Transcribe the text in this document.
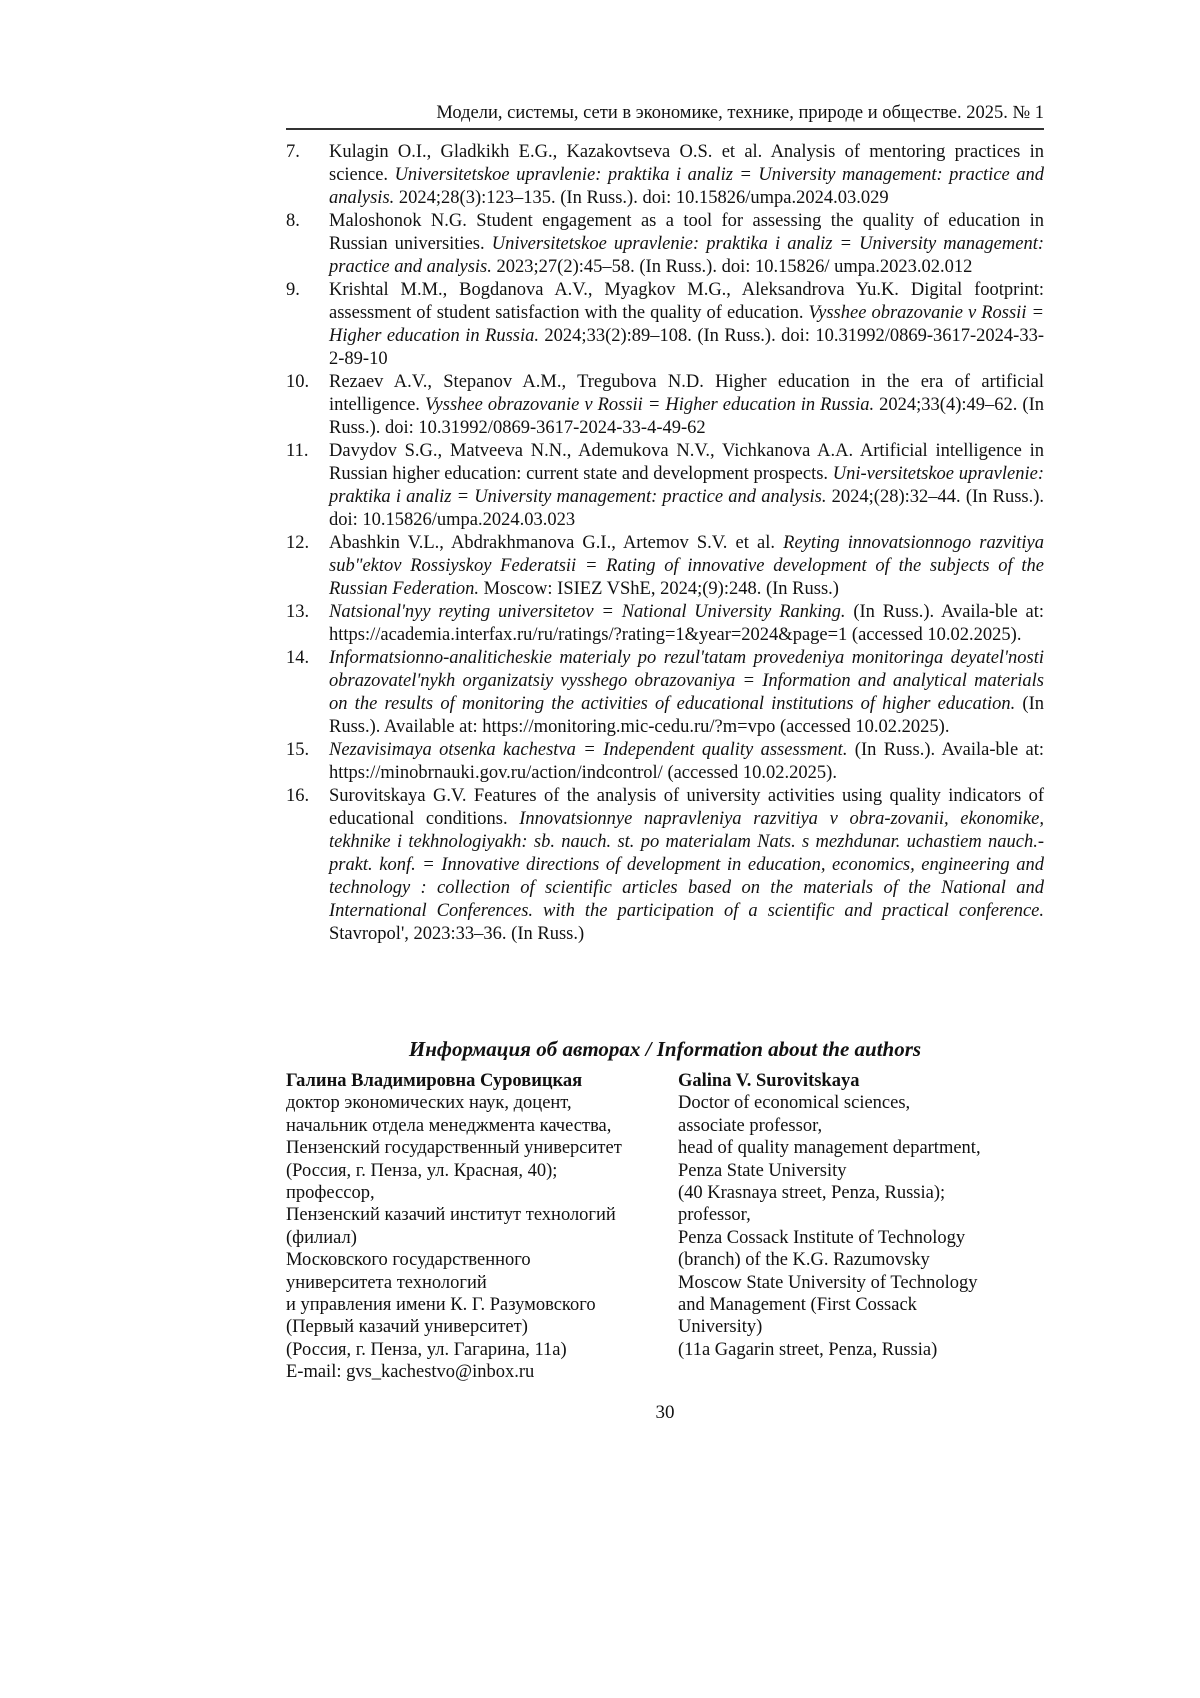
Модели, системы, сети в экономике, технике, природе и обществе. 2025. № 1
7. Kulagin O.I., Gladkikh E.G., Kazakovtseva O.S. et al. Analysis of mentoring practices in science. Universitetskoe upravlenie: praktika i analiz = University management: practice and analysis. 2024;28(3):123–135. (In Russ.). doi: 10.15826/umpa.2024.03.029
8. Maloshonok N.G. Student engagement as a tool for assessing the quality of education in Russian universities. Universitetskoe upravlenie: praktika i analiz = University management: practice and analysis. 2023;27(2):45–58. (In Russ.). doi: 10.15826/ umpa.2023.02.012
9. Krishtal M.M., Bogdanova A.V., Myagkov M.G., Aleksandrova Yu.K. Digital footprint: assessment of student satisfaction with the quality of education. Vysshee obrazovanie v Rossii = Higher education in Russia. 2024;33(2):89–108. (In Russ.). doi: 10.31992/0869-3617-2024-33-2-89-10
10. Rezaev A.V., Stepanov A.M., Tregubova N.D. Higher education in the era of artificial intelligence. Vysshee obrazovanie v Rossii = Higher education in Russia. 2024;33(4):49–62. (In Russ.). doi: 10.31992/0869-3617-2024-33-4-49-62
11. Davydov S.G., Matveeva N.N., Ademukova N.V., Vichkanova A.A. Artificial intelligence in Russian higher education: current state and development prospects. Uni-versitetskoe upravlenie: praktika i analiz = University management: practice and analysis. 2024;(28):32–44. (In Russ.). doi: 10.15826/umpa.2024.03.023
12. Abashkin V.L., Abdrakhmanova G.I., Artemov S.V. et al. Reyting innovatsionnogo razvitiya sub"ektov Rossiyskoy Federatsii = Rating of innovative development of the subjects of the Russian Federation. Moscow: ISIEZ VShE, 2024;(9):248. (In Russ.)
13. Natsional'nyy reyting universitetov = National University Ranking. (In Russ.). Availa-ble at: https://academia.interfax.ru/ru/ratings/?rating=1&year=2024&page=1 (accessed 10.02.2025).
14. Informatsionno-analiticheskie materialy po rezul'tatam provedeniya monitoringa deyatel'nosti obrazovatel'nykh organizatsiy vysshego obrazovaniya = Information and analytical materials on the results of monitoring the activities of educational institutions of higher education. (In Russ.). Available at: https://monitoring.mic-cedu.ru/?m=vpo (accessed 10.02.2025).
15. Nezavisimaya otsenka kachestva = Independent quality assessment. (In Russ.). Availa-ble at: https://minobrnauki.gov.ru/action/indcontrol/ (accessed 10.02.2025).
16. Surovitskaya G.V. Features of the analysis of university activities using quality indicators of educational conditions. Innovatsionnye napravleniya razvitiya v obra-zovanii, ekonomike, tekhnike i tekhnologiyakh: sb. nauch. st. po materialam Nats. s mezhdunar. uchastiem nauch.-prakt. konf. = Innovative directions of development in education, economics, engineering and technology : collection of scientific articles based on the materials of the National and International Conferences. with the participation of a scientific and practical conference. Stavropol', 2023:33–36. (In Russ.)
Информация об авторах / Information about the authors
Галина Владимировна Суровицкая
доктор экономических наук, доцент,
начальник отдела менеджмента качества,
Пензенский государственный университет
(Россия, г. Пенза, ул. Красная, 40);
профессор,
Пензенский казачий институт технологий
(филиал)
Московского государственного
университета технологий
и управления имени К. Г. Разумовского
(Первый казачий университет)
(Россия, г. Пенза, ул. Гагарина, 11а)
E-mail: gvs_kachestvo@inbox.ru
Galina V. Surovitskaya
Doctor of economical sciences,
associate professor,
head of quality management department,
Penza State University
(40 Krasnaya street, Penza, Russia);
professor,
Penza Cossack Institute of Technology
(branch) of the K.G. Razumovsky
Moscow State University of Technology
and Management (First Cossack
University)
(11a Gagarin street, Penza, Russia)
30
